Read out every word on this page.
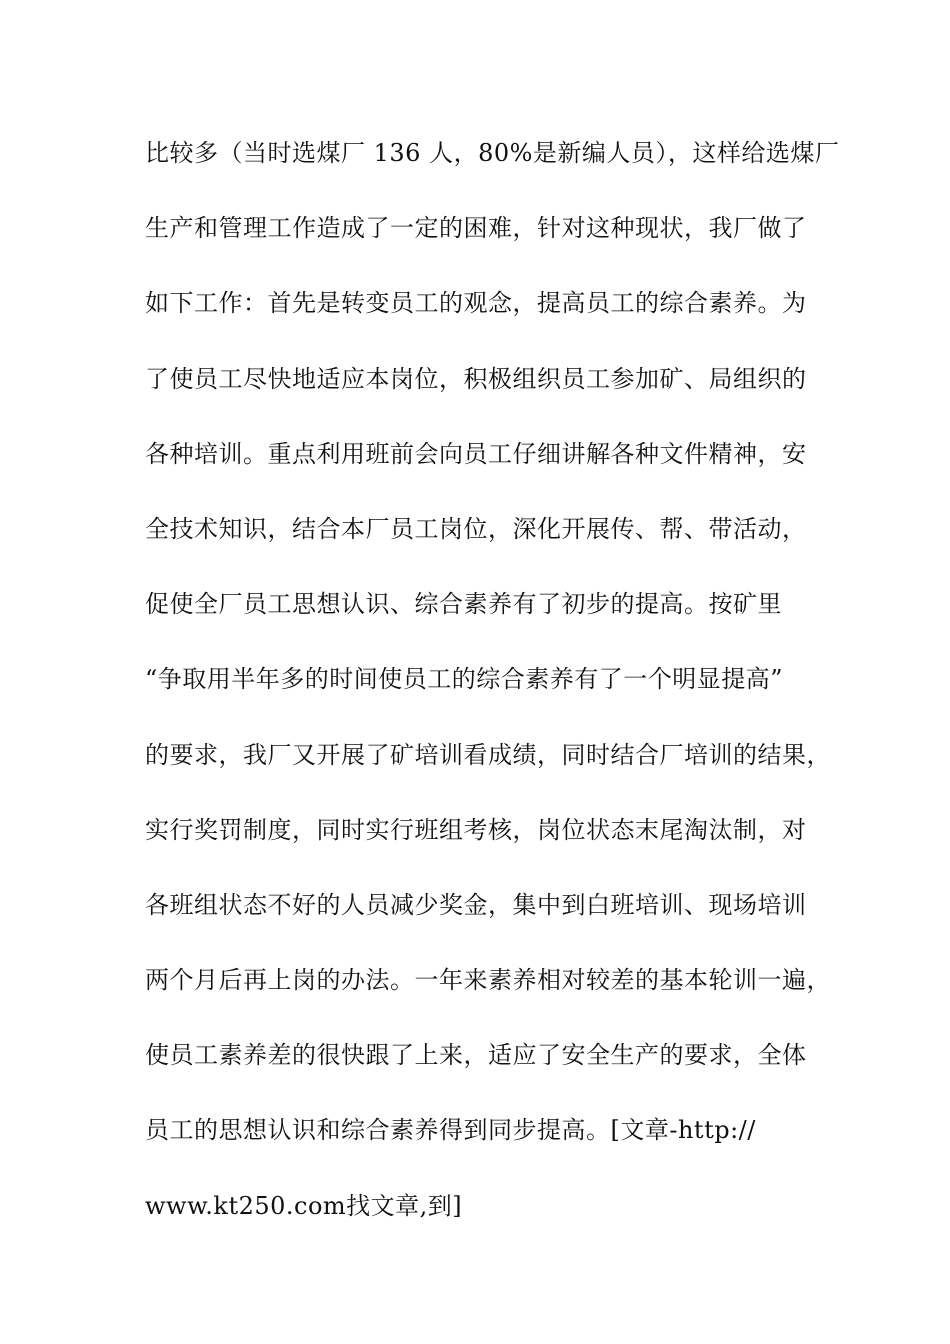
比较多（当时选煤厂 136 人，80%是新编人员），这样给选煤厂
生产和管理工作造成了一定的困难，针对这种现状，我厂做了
如下工作：首先是转变员工的观念，提高员工的综合素养。为
了使员工尽快地适应本岗位，积极组织员工参加矿、局组织的
各种培训。重点利用班前会向员工仔细讲解各种文件精神，安
全技术知识，结合本厂员工岗位，深化开展传、帮、带活动，
促使全厂员工思想认识、综合素养有了初步的提高。按矿里
“争取用半年多的时间使员工的综合素养有了一个明显提高”
的要求，我厂又开展了矿培训看成绩，同时结合厂培训的结果，
实行奖罚制度，同时实行班组考核，岗位状态末尾淘汰制，对
各班组状态不好的人员减少奖金，集中到白班培训、现场培训
两个月后再上岗的办法。一年来素养相对较差的基本轮训一遍，
使员工素养差的很快跟了上来，适应了安全生产的要求，全体
员工的思想认识和综合素养得到同步提高。[文章-http://
www.kt250.com找文章,到]
